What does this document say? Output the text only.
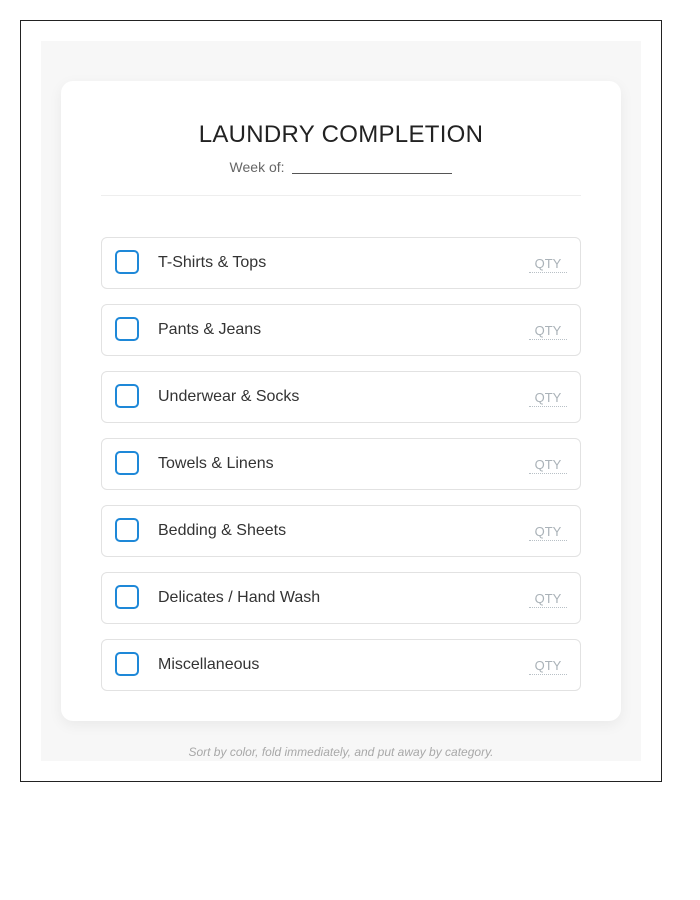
LAUNDRY COMPLETION
Week of:
T-Shirts & Tops	QTY
Pants & Jeans	QTY
Underwear & Socks	QTY
Towels & Linens	QTY
Bedding & Sheets	QTY
Delicates / Hand Wash	QTY
Miscellaneous	QTY
Sort by color, fold immediately, and put away by category.
